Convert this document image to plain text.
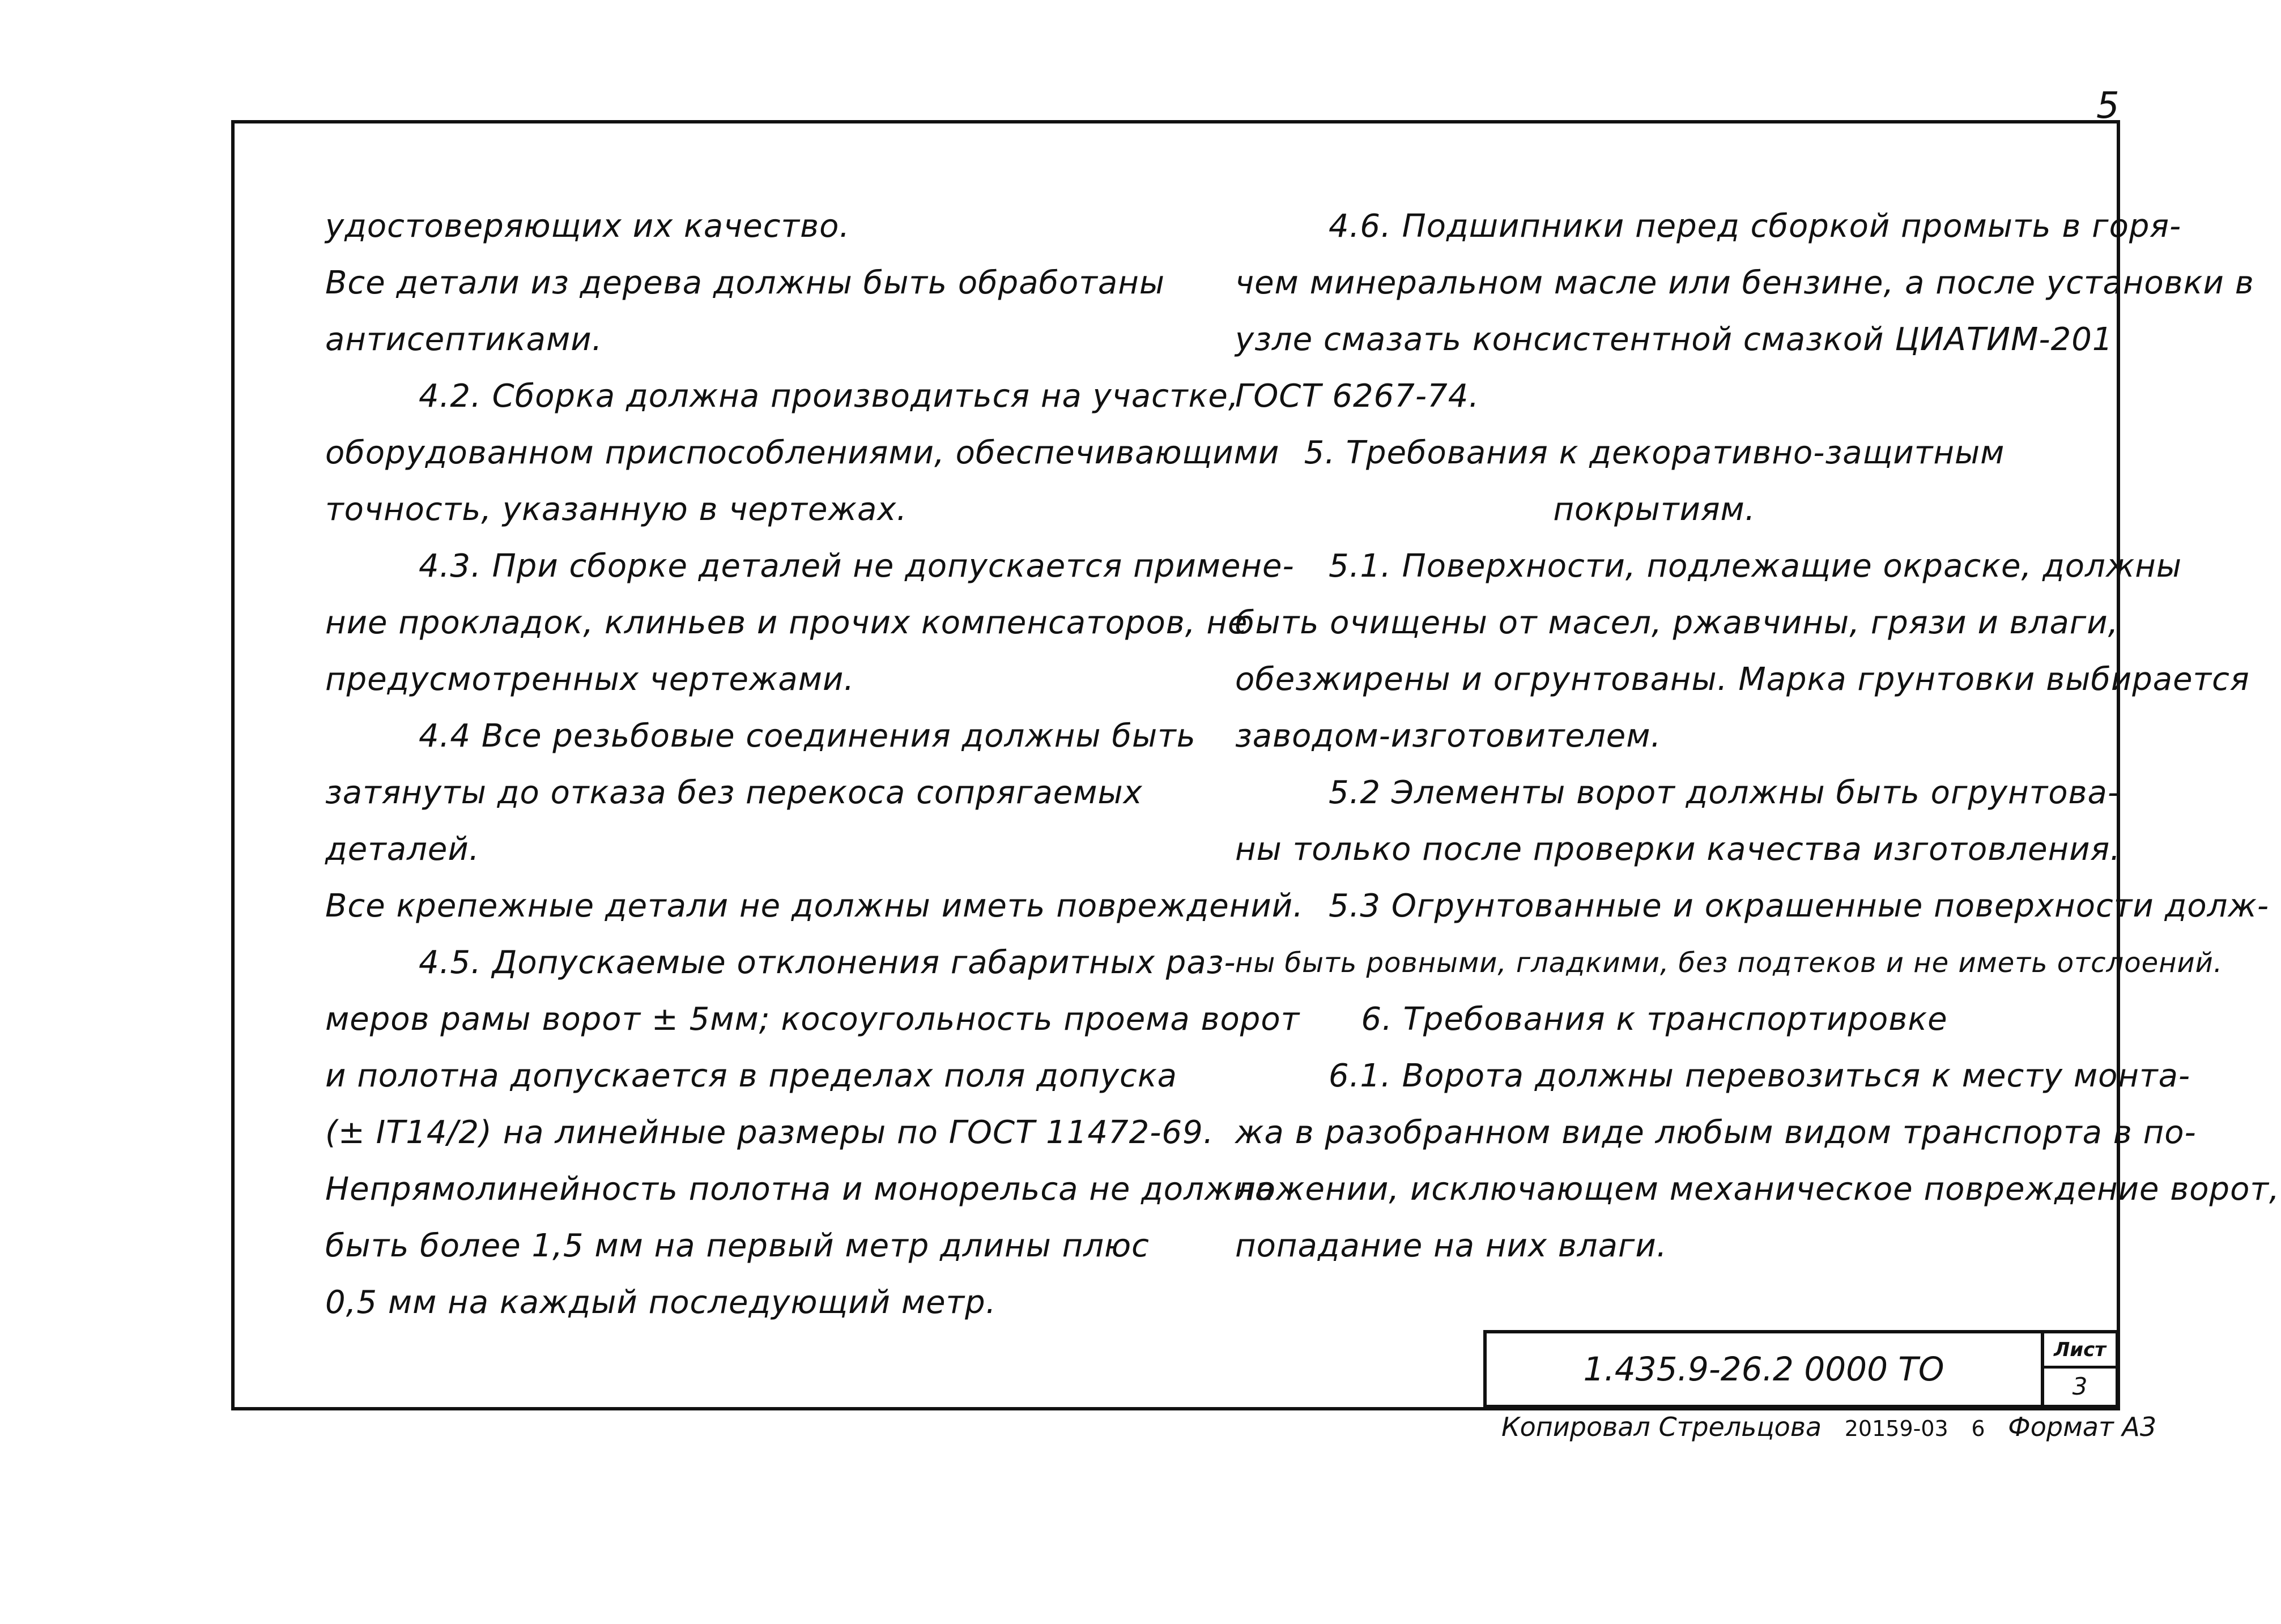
5
удостоверяющих их качество.
Все детали из дерева должны быть обработаны
антисептиками.
4.2. Сборка должна производиться на участке,
оборудованном приспособлениями, обеспечивающими
точность, указанную в чертежах.
4.3. При сборке деталей не допускается примене-
ние прокладок, клиньев и прочих компенсаторов, не
предусмотренных чертежами.
4.4 Все резьбовые соединения должны быть
затянуты до отказа без перекоса сопрягаемых
деталей.
Все крепежные детали не должны иметь повреждений.
4.5. Допускаемые отклонения габаритных раз-
меров рамы ворот ± 5мм; косоугольность проема ворот
и полотна допускается в пределах поля допуска
(± IT14/2) на линейные размеры по ГОСТ 11472-69.
Непрямолинейность полотна и монорельса не должна
быть более 1,5 мм на первый метр длины плюс
0,5 мм на каждый последующий метр.
4.6. Подшипники перед сборкой промыть в горя-
чем минеральном масле или бензине, а после установки в
узле смазать консистентной смазкой ЦИАТИМ-201
ГОСТ 6267-74.
5. Требования к декоративно-защитным
покрытиям.
5.1. Поверхности, подлежащие окраске, должны
быть очищены от масел, ржавчины, грязи и влаги,
обезжирены и огрунтованы. Марка грунтовки выбирается
заводом-изготовителем.
5.2 Элементы ворот должны быть огрунтова-
ны только после проверки качества изготовления.
5.3 Огрунтованные и окрашенные поверхности долж-
ны быть ровными, гладкими, без подтеков и не иметь отслоений.
6. Требования к транспортировке
6.1. Ворота должны перевозиться к месту монта-
жа в разобранном виде любым видом транспорта в по-
ложении, исключающем механическое повреждение ворот,
попадание на них влаги.
1.435.9-26.2 0000 ТО	Лист
3
Копировал Стрельцова 20159-03 6 Формат А3
